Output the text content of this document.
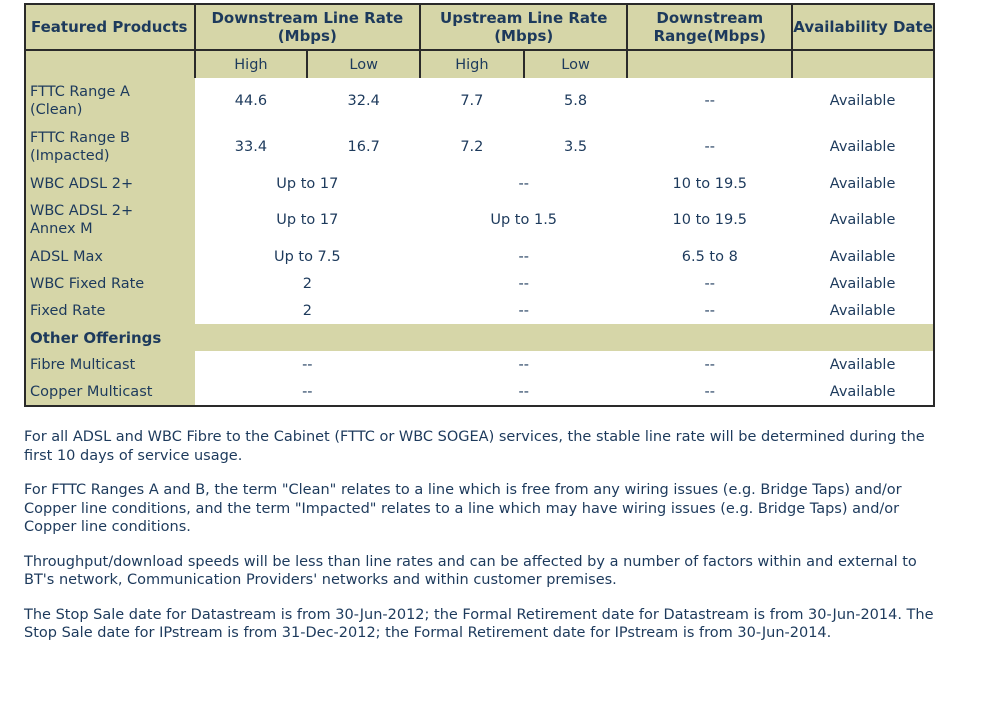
Featured Products	Downstream Line Rate (Mbps)		Upstream Line Rate (Mbps)		Downstream Range(Mbps)	Availability Date
	High	Low	High	Low		
FTTC Range A
(Clean)	44.6	32.4	7.7	5.8	--	Available
FTTC Range B
(Impacted)	33.4	16.7	7.2	3.5	--	Available
WBC ADSL 2+	Up to 17		--		10 to 19.5	Available
WBC ADSL 2+
Annex M	Up to 17		Up to 1.5		10 to 19.5	Available
ADSL Max	Up to 7.5		--		6.5 to 8	Available
WBC Fixed Rate	2		--		--	Available
Fixed Rate	2		--		--	Available
Other Offerings						
Fibre Multicast	--		--		--	Available
Copper Multicast	--		--		--	Available

For all ADSL and WBC Fibre to the Cabinet (FTTC or WBC SOGEA) services, the stable line rate will be determined during the first 10 days of service usage.

For FTTC Ranges A and B, the term "Clean" relates to a line which is free from any wiring issues (e.g. Bridge Taps) and/or Copper line conditions, and the term "Impacted" relates to a line which may have wiring issues (e.g. Bridge Taps) and/or Copper line conditions.

Throughput/download speeds will be less than line rates and can be affected by a number of factors within and external to BT's network, Communication Providers' networks and within customer premises.

The Stop Sale date for Datastream is from 30-Jun-2012; the Formal Retirement date for Datastream is from 30-Jun-2014. The Stop Sale date for IPstream is from 31-Dec-2012; the Formal Retirement date for IPstream is from 30-Jun-2014.
